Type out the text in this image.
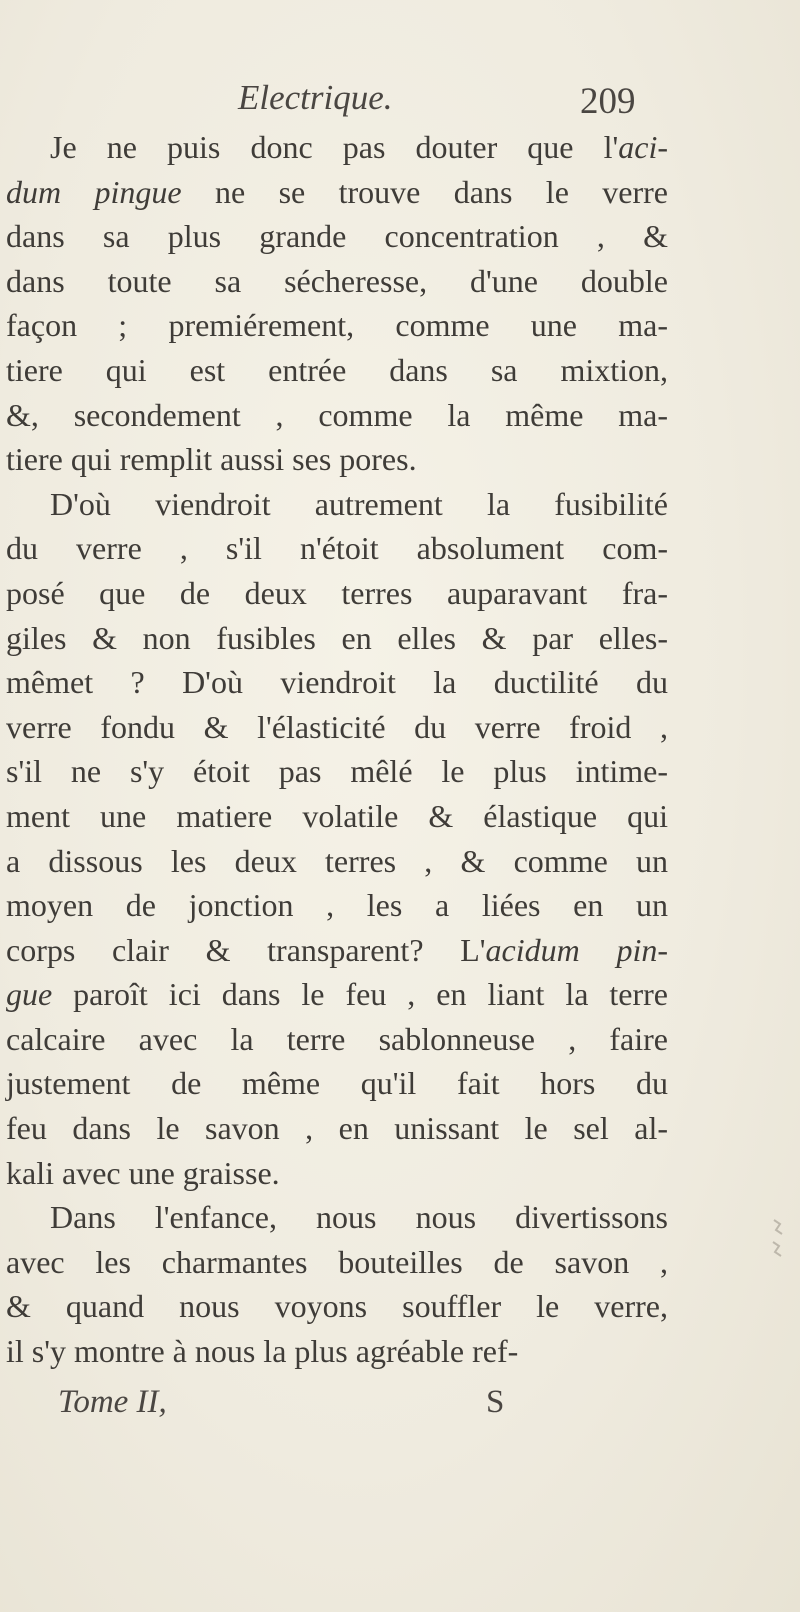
Electrique.	209
Je ne puis donc pas douter que l'aci-
dum pingue ne se trouve dans le verre
dans sa plus grande concentration , &
dans toute sa sécheresse, d'une double
façon ; premiérement, comme une ma-
tiere qui est entrée dans sa mixtion,
&, secondement , comme la même ma-
tiere qui remplit aussi ses pores.
D'où viendroit autrement la fusibilité
du verre , s'il n'étoit absolument com-
posé que de deux terres auparavant fra-
giles & non fusibles en elles & par elles-
mêmet ? D'où viendroit la ductilité du
verre fondu & l'élasticité du verre froid ,
s'il ne s'y étoit pas mêlé le plus intime-
ment une matiere volatile & élastique qui
a dissous les deux terres , & comme un
moyen de jonction , les a liées en un
corps clair & transparent? L'acidum pin-
gue paroît ici dans le feu , en liant la terre
calcaire avec la terre sablonneuse , faire
justement de même qu'il fait hors du
feu dans le savon , en unissant le sel al-
kali avec une graisse.
Dans l'enfance, nous nous divertissons
avec les charmantes bouteilles de savon ,
& quand nous voyons souffler le verre,
il s'y montre à nous la plus agréable ref-
Tome II,	S
